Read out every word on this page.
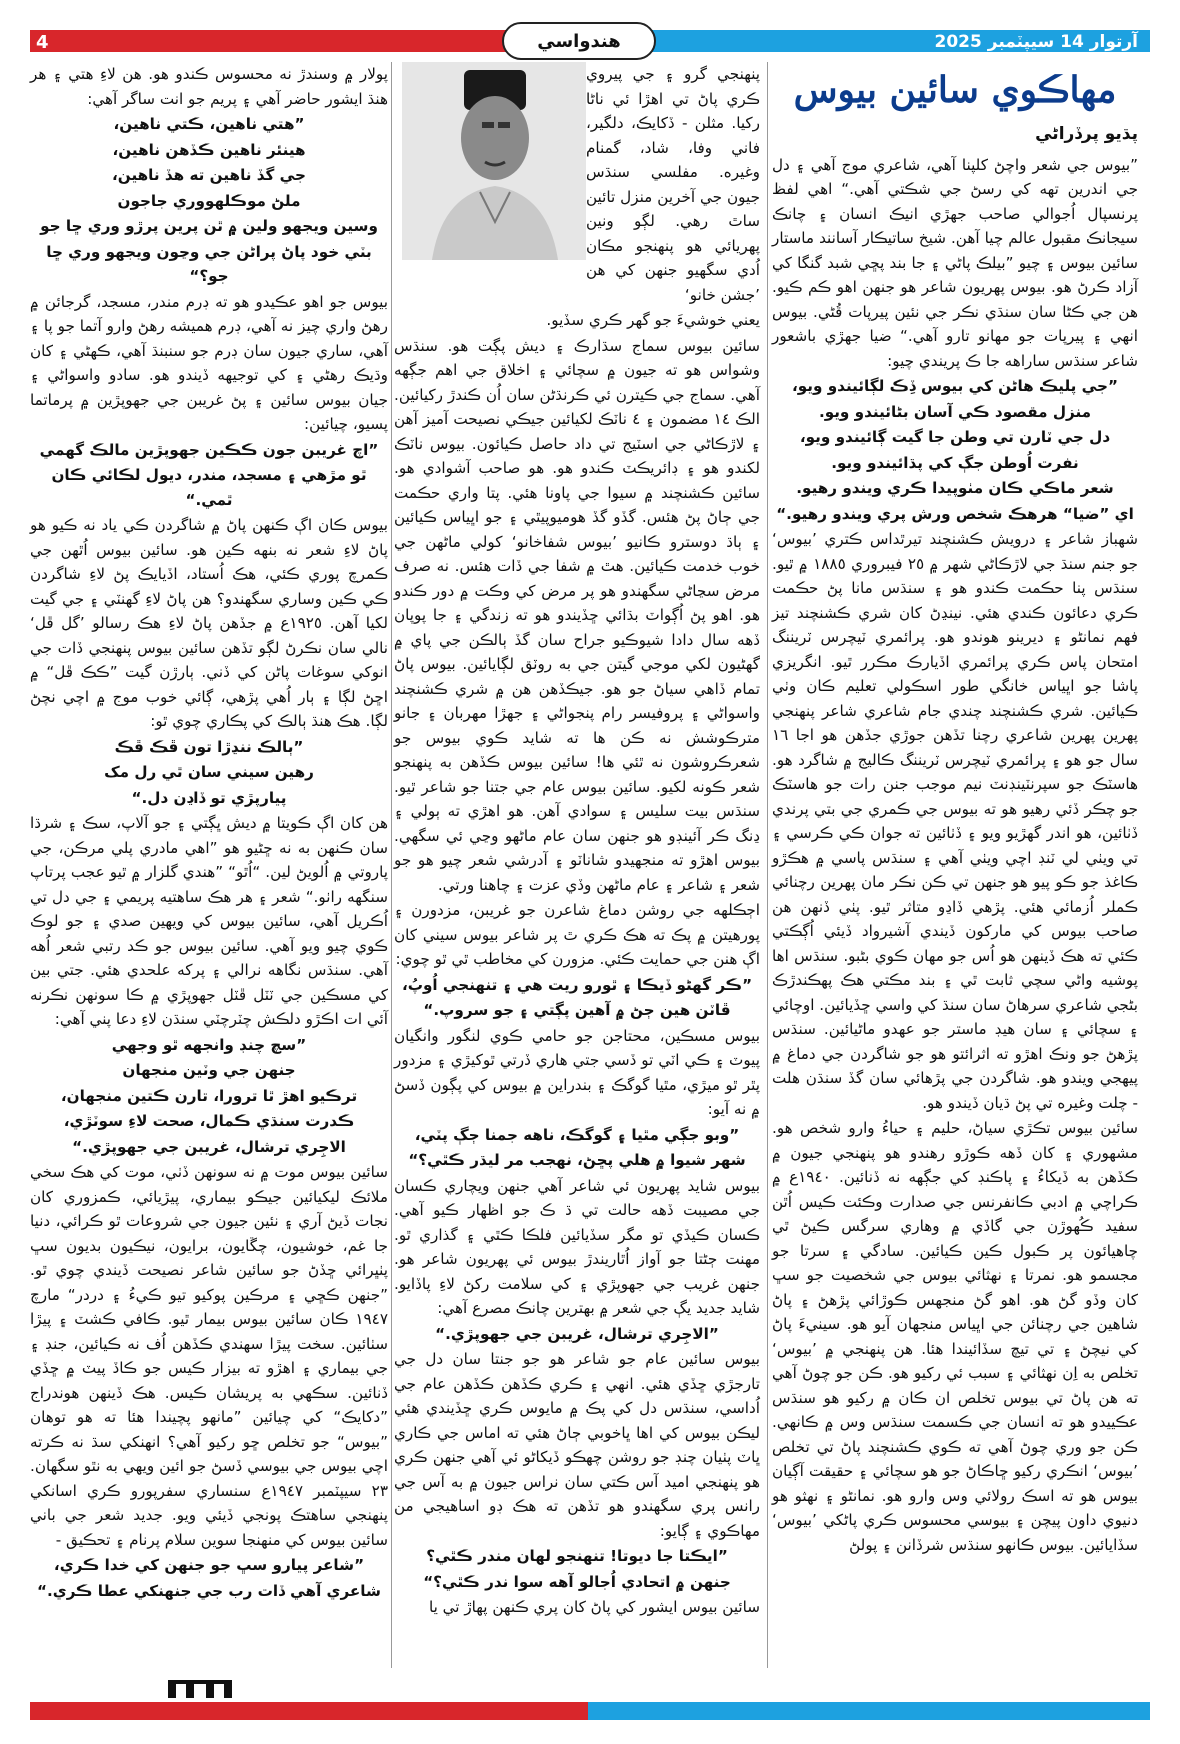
4	آرتوار 14 سيپٽمبر 2025
هندواسي
مهاڪوي سائين بيوس
پڌيو پرڏراڻي

”بيوس جي شعر واچڻ کلپنا آهي، شاعري موج آهي ۽ دل جي اندرين تهه کي رسڻ جي شڪتي آهي.“ اهي لفظ پرنسپال اُجوالي صاحب جهڙي انيڪ انسان ۽ چانڪ سيجانڪ مقبول عالم چيا آهن. شيخ ساتيڪار آسانند ماستار سائين بيوس ۽ چيو ”بيلڪ پاڻي ۽ جا بند پڇي شبد گنگا کي آزاد ڪرڻ هو. بيوس پهريون شاعر هو جنهن اهو ڪم ڪيو. هن جي ڪڻا سان سنڌي نڪر جي نئين پيرپات قُڻي. بيوس انهي ۽ پيرپات جو مهانو تارو آهي.“ ضيا جهڙي باشعور شاعر سنڌس ساراهه جا ڪ پريندي چيو:

”جي پليڪ هاڻن کي بيوس ڏِڪ لڳائيندو ويو،

منزل مقصود ڪي آسان بڻائيندو ويو.

دل جي ٽارن تي وطن جا گيت ڳائيندو ويو،

نفرت اُوطن جڳ کي پڌائيندو ويو.

شعر ماڪي ڪان مٺوپيدا ڪري ويندو رهيو.

اي ”ضيا“ هرهڪ شخص ورش پري ويندو رهيو.“

شهباز شاعر ۽ درويش ڪشنچند تيرٿداس ڪتري ’بيوس‘ جو جنم سنڌ جي لاڙڪاڻي شهر ۾ ٢٥ فيبروري ١٨٨٥ ۾ ٿيو. سنڌس پنا حڪمت ڪندو هو ۽ سنڌس مانا پڻ حڪمت ڪري دعائون ڪندي هئي. نينڍڻ کان شري ڪشنچند تيز فهم نمانڻو ۽ ديرينو هوندو هو. پرائمري ٽيچرس ٽريننگ امتحان پاس ڪري پرائمري اڏيارڪ مڪرر ٿيو. انگريزي پاشا جو اڀياس خانگي طور اسڪولي تعليم ڪان وٺي ڪيائين. شري ڪشنچند چندي جام شاعري شاعر پنهنجي پهرين پهرين شاعري رچنا تڏهن جوڙي جڏهن هو اجا ١٦ سال جو هو ۽ پرائمري ٽيچرس ٽريننگ ڪاليج ۾ شاگرد هو. هاسٽڪ جو سپرنٽينڊنٽ نيم موجب جنن رات جو هاسٽڪ جو چڪر ڏئي رهيو هو ته بيوس جي ڪمري جي بتي پرندي ڏٺائين، هو اندر گهڙيو ويو ۽ ڏٺائين ته جوان ڪي ڪرسي ۽ تي ويٺي لي ٽنڊ اچي ويٺي آهي ۽ سنڌس پاسي ۾ هڪڙو ڪاغذ جو ڪو پيو هو جنهن تي ڪن نڪر مان پهرين رچنائي ڪملر اُزمائي هئي. پڙهي ڏاڍو متاثر ٿيو. پٺي ڏنهن هن صاحب بيوس کي مارکون ڏيندي آشيرواد ڏيئي اُڳڪتي ڪئي ته هڪ ڏينهن هو اُس جو مهان ڪوي بڻبو. سنڌس اها پوشيه واڻي سچي ثابت ٿي ۽ بند مڪتي هڪ پهڪندڙڪ بڻجي شاعري سرهاڻ سان سنڌ کي واسي ڇڏيائين. اوچائي ۽ سچائي ۽ سان هيڊ ماستر جو عهدو ماڻيائين. سنڌس پڙهڻ جو ونڪ اهڙو ته اثرائتو هو جو شاگردن جي دماغ ۾ پيهجي ويندو هو. شاگردن جي پڙهائي سان گڏ سنڌن هلت - چلت وغيره تي پڻ ڌيان ڏيندو هو.

سائين بيوس تڪڙي سياڻ، حليم ۽ حياءُ وارو شخص هو. مشهوري ۽ کان ڏهه ڪوڙو رهندو هو پنهنجي جيون ۾ ڪڏهن به ڏيکاءُ ۽ پاڪنڊ کي جڳهه نه ڏنائين. ١٩٤٠ع ۾ ڪراچي ۾ ادبي ڪانفرنس جي صدارت وڪئت ڪيس اُٿن سفيد ڪُهوڙن جي گاڏي ۾ وهاري سرگس ڪيڻ ٿي چاهيائون پر ڪبول ڪين ڪيائين. سادگي ۽ سرتا جو مجسمو هو. نمرتا ۽ نهثائي بيوس جي شخصيت جو سڀ کان وڏو گڻ هو. اهو گڻ منجهس ڪوڙائي پڙهڻ ۽ پاڻ شاهين جي رچنائن جي اڀياس منجهان آيو هو. سينيءَ پاڻ کي نيچڻ ۽ تي تيچ سڏائيندا هئا. هن پنهنجي ۾ ’بيوس‘ تخلص به اِن نهثائي ۽ سبب ئي رکيو هو. ڪن جو چوڻ آهي ته هن پاڻ تي بيوس تخلص ان ڪان ۾ رکيو هو سنڌس عڪييدو هو ته انسان جي ڪسمت سنڌس وس ۾ ڪانهي. ڪن جو وري چوڻ آهي ته ڪوي ڪشنچند پاڻ تي تخلص ’بيوس‘ انڪري رکيو ڇاڪاڻ جو هو سچائي ۽ حقيقت آڳيان بيوس هو ته اسڪ رولائي وس وارو هو. نمانڻو ۽ نهثو هو دنيوي داون پيچن ۽ بيوسي محسوس ڪري پاڻکي ’بيوس‘ سڏايائين. بيوس ڪانهو سنڌس شرڏانن ۽ پولڻ

پنهنجي گرو ۽ جي پيروي ڪري پاڻ تي اهڙا ئي ناڻا رکيا. مثلن - ڏکايڪ، دلگير، فاني وفا، شاد، گمنام وغيره. مفلسي سنڌس جيون جي آخرين منزل تائين ساٿ رهي. لڳو ونين پهريائي هو پنهنجو مڪان اُدي سگهيو جنهن کي هن ’جشن خانو‘

يعني خوشيءَ جو گهر ڪري سڏيو.

سائين بيوس سماج سڌارڪ ۽ ديش پڳت هو. سنڌس وشواس هو ته جيون ۾ سچائي ۽ اخلاق جي اهم جڳهه آهي. سماج جي ڪيترن ئي ڪرنڌڻن سان اُن ڪندڙ رکيائين. الڪ ١٤ مضمون ۽ ٤ ناٽڪ لکيائين جيڪي نصيحت آميز آهن ۽ لاڙڪاڻي جي اسٽيج تي داد حاصل ڪيائون. بيوس ناٽڪ لکندو هو ۽ ڊائريڪٽ ڪندو هو. هو صاحب آشوادي هو. سائين ڪشنچند ۾ سيوا جي پاونا هئي. پتا واري حڪمت جي ڄاڻ پڻ هئس. گڏو گڏ هوميوپيٿي ۽ جو اڀياس ڪيائين ۽ ٻاڌ دوسترو ڪانيو ’بيوس شفاخانو‘ کولي ماڻهن جي خوب خدمت ڪيائين. هٿ ۾ شفا جي ڏات هئس. نه صرف مرض سڃاڻي سگهندو هو پر مرض کي وڪت ۾ دور ڪندو هو. اهو پڻ اُڳواٽ بڌائي ڇڏيندو هو ته زندگي ۽ جا پوپان ڏهه سال دادا شيوڪيو جراح سان گڏ ٻالڪن جي پاي ۾ گهڻيون لکي موجي گيتن جي به روٽق لڳايائين. بيوس پاڻ تمام ڏاهي سياڻ جو هو. جيڪڏهن هن ۾ شري ڪشنچند واسواڻي ۽ پروفيسر رام پنجواڻي ۽ جهڙا مهربان ۽ جانو مترڪوشش نه ڪن ها ته شايد ڪوي بيوس جو شعرڪروشون نه ٿئي ها! سائين بيوس ڪڏهن به پنهنجو شعر ڪونه لکيو. سائين بيوس عام جي جتنا جو شاعر ٿيو. سنڌس بيت سليس ۽ سوادي آهن. هو اهڙي ته ٻولي ۽ ڍنگ ڪر آئينڊو هو جنهن سان عام ماڻهو وڃي ئي سگهي. بيوس اهڙو ته منجهيدو شاناٽو ۽ آدرشي شعر چيو هو جو شعر ۽ شاعر ۽ عام ماڻهن وڏي عزت ۽ چاهنا ورتي.

اڄڪلهه جي روشن دماغ شاعرن جو غريبن، مزدورن ۽ پورهيتن ۾ پڪ ته هڪ ڪري ٿ پر شاعر بيوس سيني کان اڳ هنن جي حمايت ڪئي. مزورن کي مخاطب ٿي ٿو چوي:

”ڪر گهڻو ڏيڪا ۽ ٿورو ريت هي ۽ تنهنجي اُوپُ،

ڦاٽن هين ڄڻ ۾ آهين پڳتي ۽ جو سروپ.“

بيوس مسڪين، محتاجن جو حامي ڪوي لنگور وانگيان پيوٽ ۽ ڪي اٽي تو ڏسي جتي هاري ڏرتي ٿوکيڙي ۽ مزدور پٿر ٿو ميڙي، مٿيا گوگڪ ۽ بندراين ۾ بيوس کي پڳون ڏسڻ ۾ نه آيو:

”وبو جڳي مٿيا ۽ گوگڪ، ناهه جمنا ڄڳ پٽي،

شهر شيوا ۾ هلي پڇڻ، نهجب مر ليڌر ڪٿي؟“

بيوس شايد پهريون ئي شاعر آهي جنهن ويچاري ڪسان جي مصيبت ڏهه حالت تي ڌ ڪ جو اظهار ڪيو آهي. ڪسان ڪيڏي تو مگر سڏيائين فلڪا ڪٿي ۽ گذاري ٿو. مهنت ڄڻتا جو آواز اُٿاريندڙ بيوس ئي پهريون شاعر هو. جنهن غريب جي جهوپڙي ۽ کي سلامت رکڻ لاءِ پاڏايو. شايد جديد يڳ جي شعر ۾ بهترين چانڪ مصرع آهي:

”الاجِري ترشال، غريبن جي جهوپڙي.“

بيوس سائين عام جو شاعر هو جو جنتا سان دل جي تارجڙي ڇڏي هئي. انهي ۽ ڪري ڪڏهن ڪڏهن عام جي اُداسي، سنڌس دل کي پڪ ۾ مايوس ڪري ڇڏيندي هئي ليڪن بيوس کي اها ڀاخوبي ڄاڻ هئي ته اماس جي ڪاري ڀاٽ پٺيان چنڊ جو روشن چهڪو ڏيکاڻو ئي آهي جنهن ڪري هو پنهنجي اميد آس ڪتي سان نراس جيون ۾ به آس جي رانس پري سگهندو هو تڏهن ته هڪ ڊو اساهيجي من مهاڪوي ۽ ڳايو:

”ايڪتا جا ديوتا! تنهنجو لهان مندر ڪٿي؟

جنهن ۾ اتحادي اُجالو آهه سوا ندر ڪٿي؟“

سائين بيوس ايشور کي پاڻ کان پري ڪنهن پهاڙ تي يا

پولار ۾ وسندڙ نه محسوس ڪندو هو. هن لاءِ هتي ۽ هر هنڌ ايشور حاضر آهي ۽ پريم جو انت ساگر آهي:

”هتي ناهين، ڪتي ناهين،

هينئر ناهين ڪڏهن ناهين،

جي گڏ ناهين ته هڏ ناهين،

ملڻ موڪلهووري جاجون

وسين ويجهو ولين ۾ ٿن پرين پرڙو وري ڇا جو

بٽي خود پاڻ پراڻن جي وڃون ويجهو وري ڇا جو؟“

بيوس جو اهو عڪيدو هو ته ڊرم مندر، مسجد، گرجائن ۾ رهڻ واري چيز نه آهي، ڊرم هميشه رهڻ وارو آتما جو پا ۽ آهي، ساري جيون سان ڊرم جو سنبنڌ آهي، ڪهڻي ۽ کان وڌيڪ رهڻي ۽ کي توجيهه ڏيندو هو. سادو واسواڻي ۽ جيان بيوس سائين ۽ پڻ غريبن جي جهوپڙين ۾ پرماتما پسيو، چيائين:

”اچ غريبن جون ڪڪين جهوپڙين مالڪ گهمي

ٿو مڙهي ۽ مسجد، مندر، ديول لڪائي ڪان ٿمي.“

بيوس ڪان اڳ ڪنهن پاڻ ۾ شاگردن ڪي ياد نه ڪيو هو پاڻ لاءِ شعر نه بنهه ڪين هو. سائين بيوس اُٿهن جي ڪمرچ پوري ڪئي، هڪ اُستاد، اڏيايڪ پڻ لاءِ شاگردن ڪي ڪين وساري سگهندو؟ هن پاڻ لاءِ گهنٽي ۽ جي گيت لکيا آهن. ١٩٢٥ع ۾ جڏهن پاڻ لاءِ هڪ رسالو ’گل ڦل‘ نالي سان نڪرڻ لڳو تڏهن سائين بيوس پنهنجي ڏات جي انوکي سوغات پاڻن کي ڏني. ٻارڙن گيت ”ڪڪ ڦل“ ۾ اڇڻ لڳا ۽ ٻار اُهي پڙهي، ڳائي خوب موج ۾ اچي نچڻ لڳا. هڪ هنڌ ٻالڪ کي پڪاري چوي ٿو:

”ٻالڪ ننڍڙا تون ڦڪ ڦڪ

رهين سيني سان ٿي رل مک

پيارپڙي تو ڏاڍن دل.“

هن کان اڳ ڪويتا ۾ ديش ڀڳتي ۽ جو آلاپ، سڪ ۽ شرڌا سان ڪنهن به نه ڇڻيو هو ”اهي مادري پلي مرڪن، جي پاروتي ۾ اُلويڻ لين. “اُٿو“ ”هندي گلزار ۾ ٿيو عجب پرتاپ سنگهه راٺو.“ شعر ۽ هر هڪ ساهتيه پريمي ۽ جي دل تي اُڪريل آهي، سائين بيوس کي ويهين صدي ۽ جو لوڪ ڪوي چيو ويو آهي. سائين بيوس جو ڪد رتبي شعر اُهه آهي. سنڌس نگاهه نرالي ۽ پرکه علحدي هئي. جتي بين کي مسڪين جي ٽٽل ڦٽل جهوپڙي ۾ ڪا سونهن نڪرنه آئي ات اڪڙو دلڪش چٽرچٽي سنڌن لاءِ دعا پني آهي:

”سچ چنڊ وانجهه ٿو وجهي

جنهن جي وٽين منجهان

ترڪيو اهڙ ٿا ترورا، تارن ڪتين منجهان،

ڪدرت سنڌي ڪمال، صحت لاءِ سوٽڙي،

الاجِري ترشال، غريبن جي جهوپڙي.“

سائين بيوس موت ۾ نه سونهن ڏٺي، موت کي هڪ سخي ملائڪ ليکيائين جيڪو بيماري، پيڙيائي، ڪمزوري کان نجات ڏيڻ آري ۽ نئين جيون جي شروعات ٿو ڪرائي، دنيا جا غم، خوشيون، چڱايون، برايون، نيڪيون بديون سڀ پٺڀرائي ڇڏڻ جو سائين شاعر نصيحت ڏيندي چوي ٿو. ”جنهن ڪڇي ۽ مرڪين پوکيو تيو ڪيءُ ۽ دردر“ مارچ ١٩٤٧ ڪان سائين بيوس بيمار ٿيو. ڪافي ڪشٽ ۽ پيڙا سٺائين. سخت پيڙا سهندي ڪڏهن اُف نه ڪيائين، جنڊ ۽ جي بيماري ۽ اهڙو ته بيزار ڪيس جو ڪاڏ پيٽ ۾ ڇڏي ڏنائين. سڪهي به پريشان ڪيس. هڪ ڏينهن هوندراج ”دکايڪ“ کي چيائين ”مانهو پچيندا هئا ته هو توهان ”بيوس“ جو تخلص ڇو رکيو آهي؟ انهنکي سڌ نه ڪرته اچي بيوس جي بيوسي ڏسڻ جو ائين ويهي به نٿو سگهان. ٢٣ سيپٽمبر ١٩٤٧ع سنساري سفرپورو ڪري اسانکي پنهنجي ساهتڪ پونجي ڏيئي ويو. جديد شعر جي باني سائين بيوس کي منهنجا سوين سلام پرنام ۽ تحڪيق -

”شاعر پيارو سڀ جو جنهن کي خدا ڪري،

شاعري آهي ڏات رب جي جنهنکي عطا ڪري.“
